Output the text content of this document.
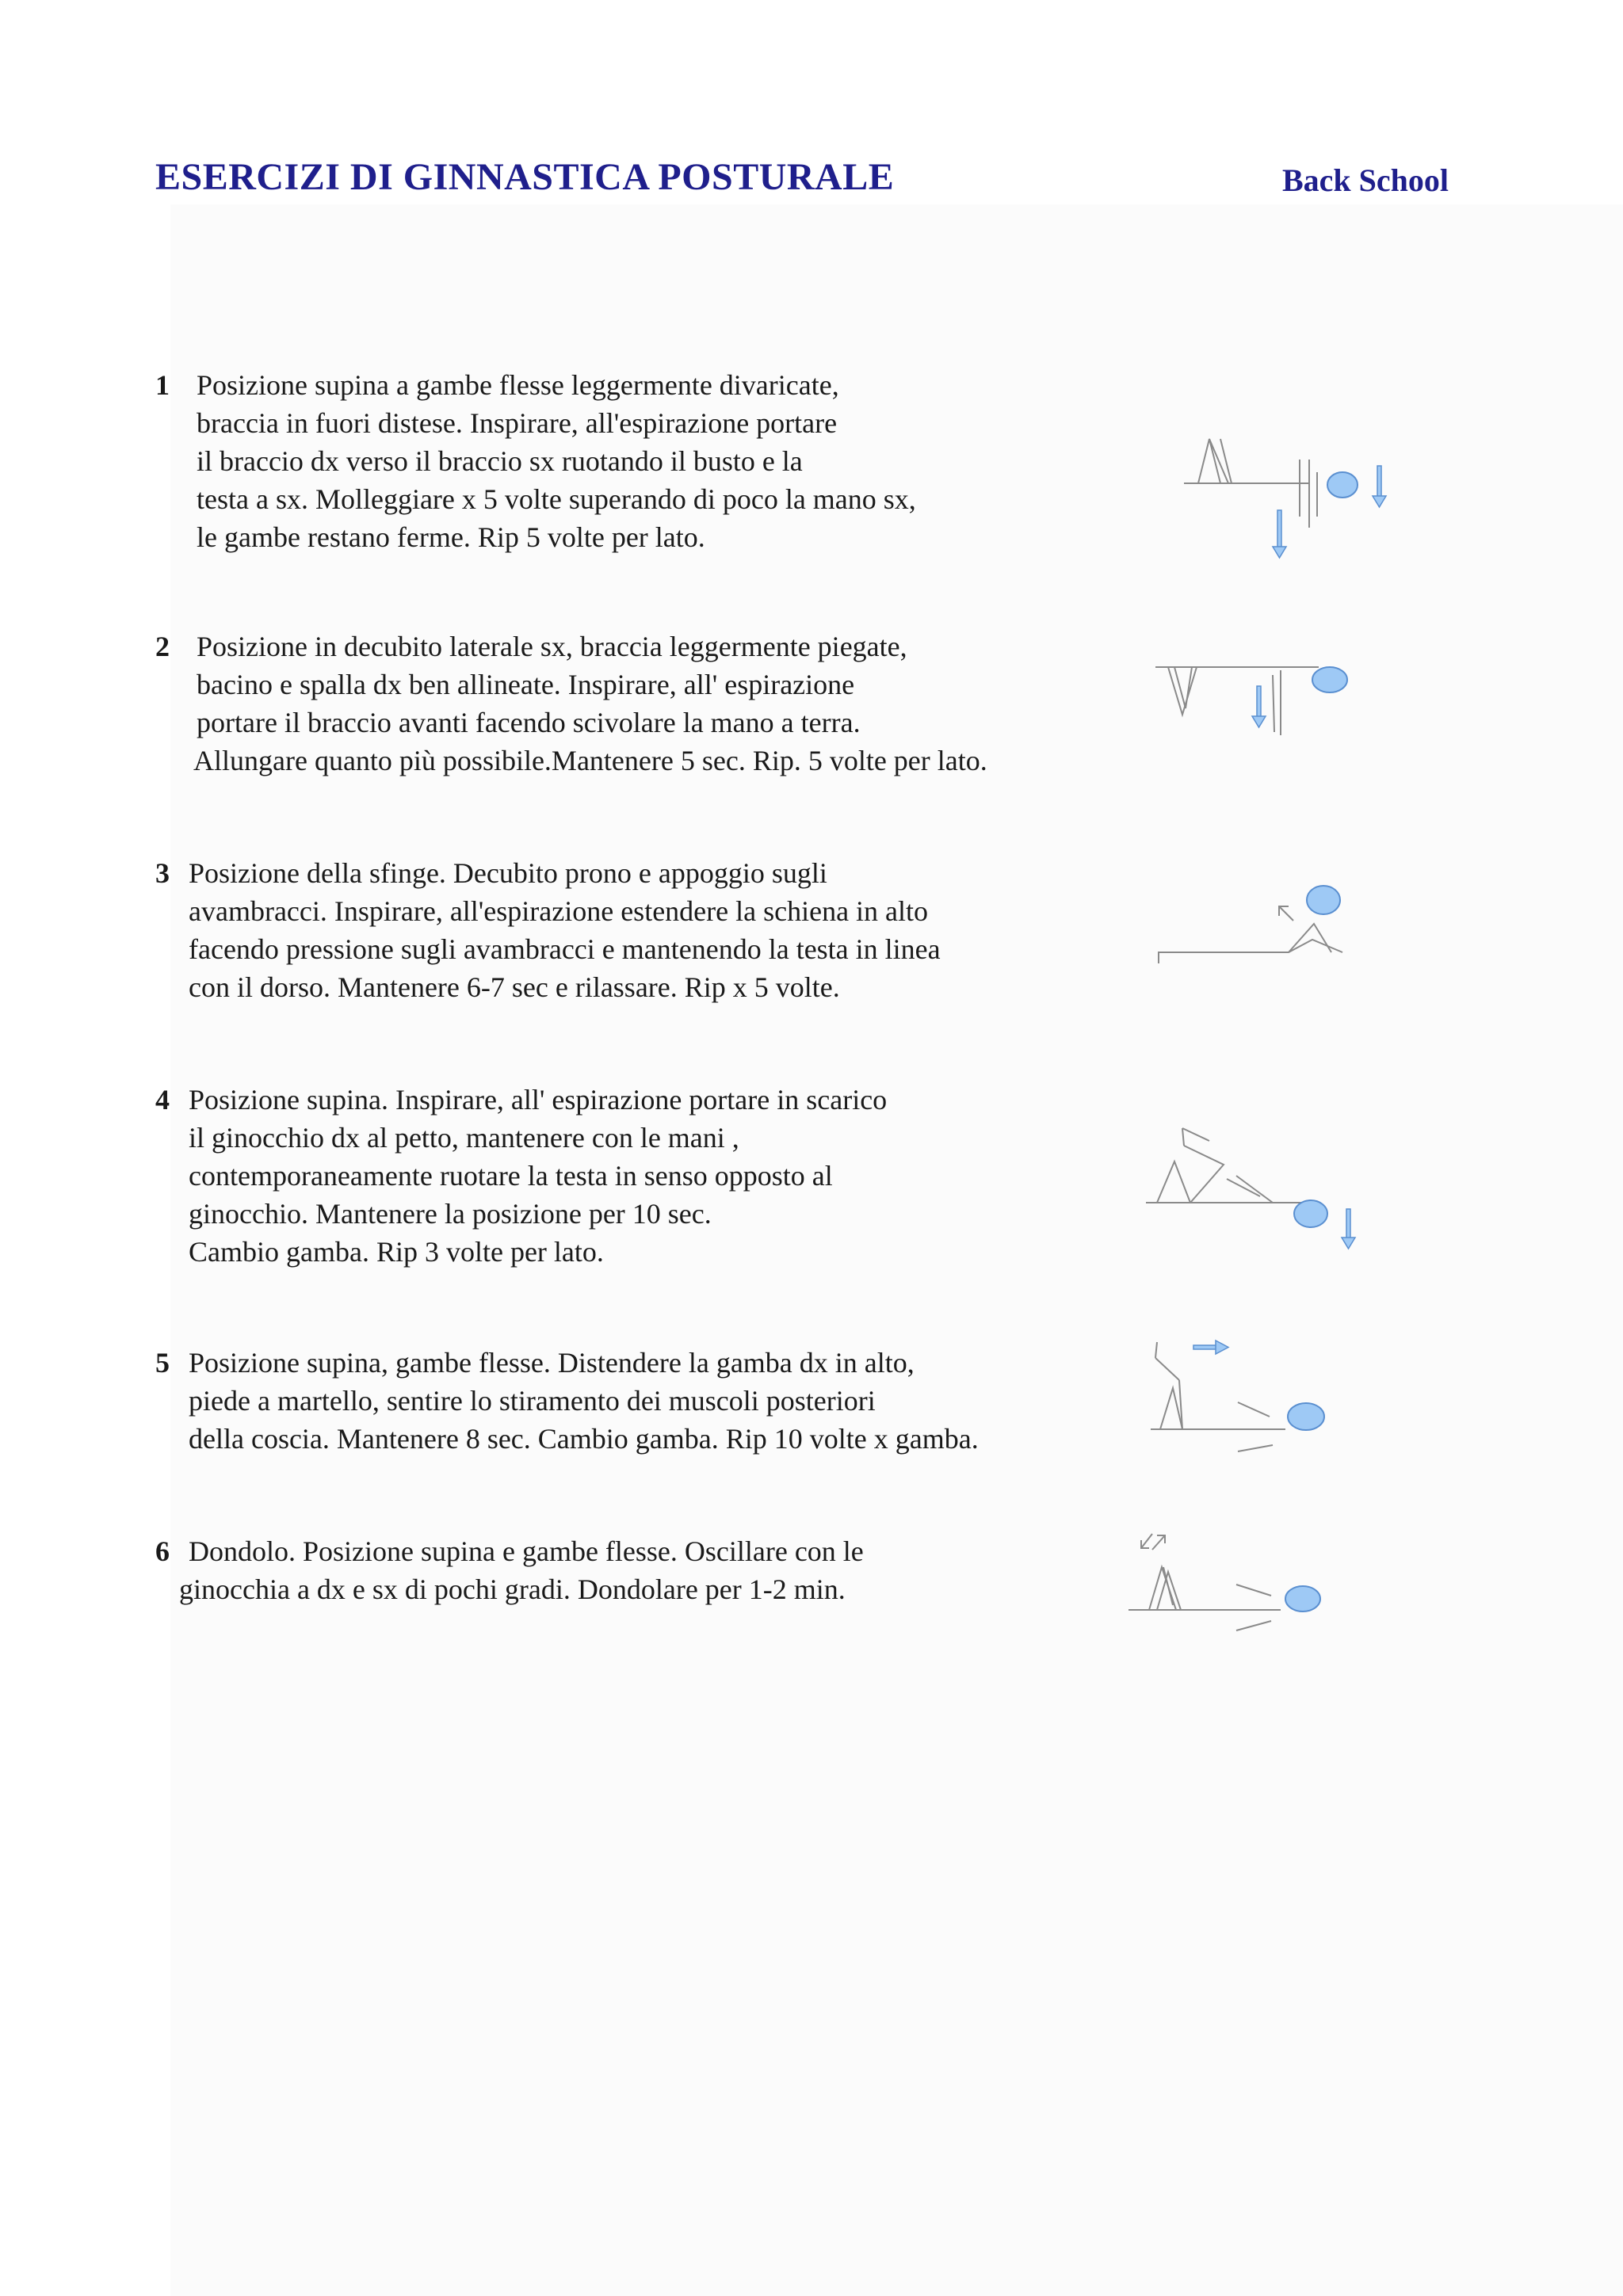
ESERCIZI DI GINNASTICA POSTURALE	Back School
1 Posizione supina a gambe flesse leggermente divaricate,
braccia in fuori distese. Inspirare, all'espirazione portare
il braccio dx verso il braccio sx ruotando il busto e la
testa a sx. Molleggiare x 5 volte superando di poco la mano sx,
le gambe restano ferme. Rip 5 volte per lato.
2 Posizione in decubito laterale sx, braccia leggermente piegate,
bacino e spalla dx ben allineate. Inspirare, all' espirazione
portare il braccio avanti facendo scivolare la mano a terra.
Allungare quanto più possibile.Mantenere 5 sec. Rip. 5 volte per lato.
3 Posizione della sfinge. Decubito prono e appoggio sugli
avambracci. Inspirare, all'espirazione estendere la schiena in alto
facendo pressione sugli avambracci e mantenendo la testa in linea
con il dorso. Mantenere 6-7 sec e rilassare. Rip x 5 volte.
4 Posizione supina. Inspirare, all' espirazione portare in scarico
il ginocchio dx al petto, mantenere con le mani ,
contemporaneamente ruotare la testa in senso opposto al
ginocchio. Mantenere la posizione per 10 sec.
Cambio gamba. Rip 3 volte per lato.
5 Posizione supina, gambe flesse. Distendere la gamba dx in alto,
piede a martello, sentire lo stiramento dei muscoli posteriori
della coscia. Mantenere 8 sec. Cambio gamba. Rip 10 volte x gamba.
6 Dondolo. Posizione supina e gambe flesse. Oscillare con le
ginocchia a dx e sx di pochi gradi. Dondolare per 1-2 min.
